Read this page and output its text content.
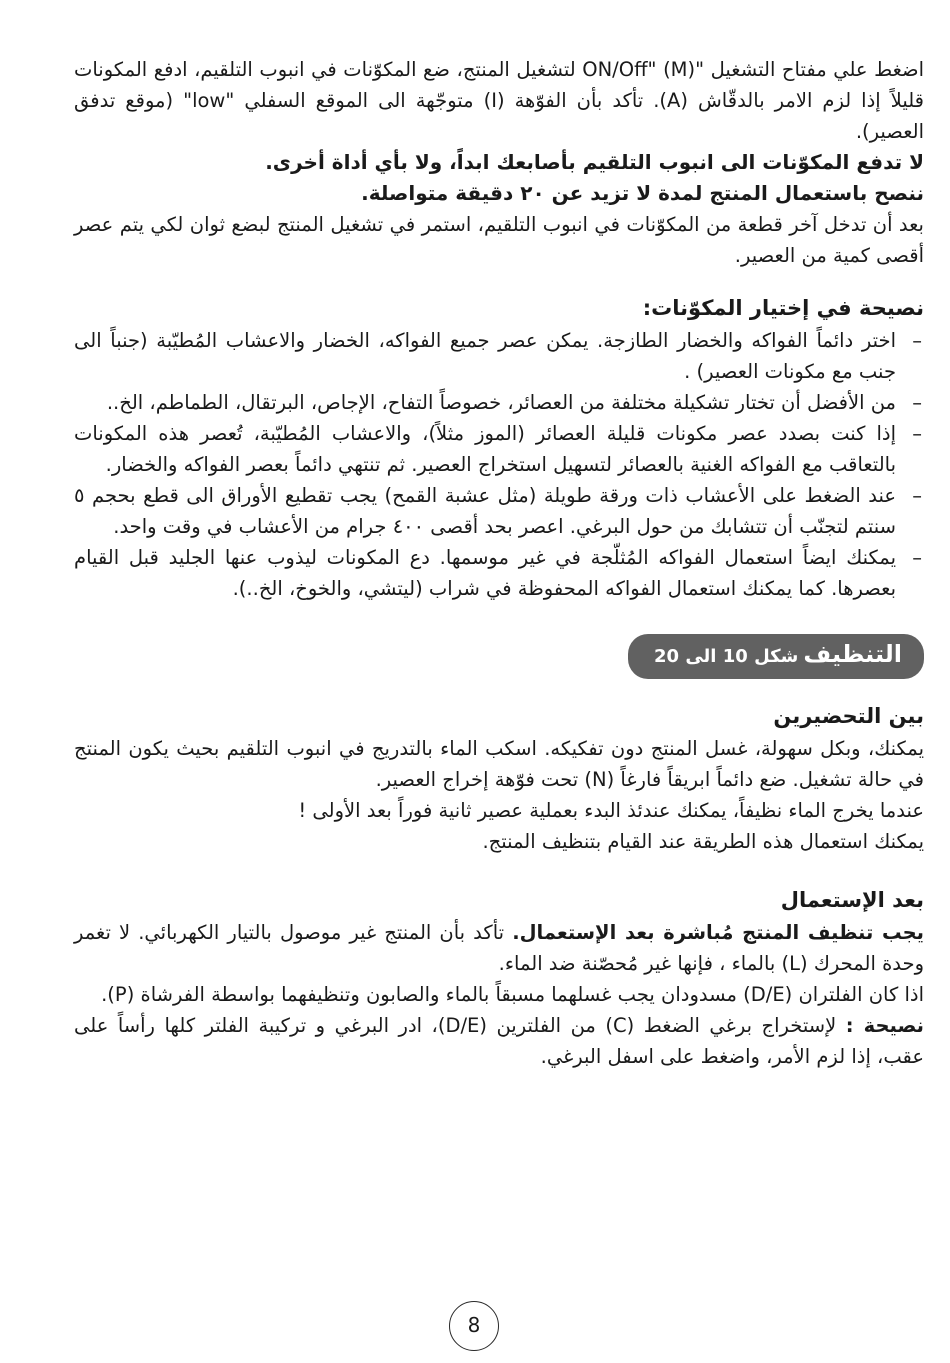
اضغط علي مفتاح التشغيل "ON/Off" (M) لتشغيل المنتج، ضع المكوّنات في انبوب التلقيم، ادفع المكونات قليلاً إذا لزم الامر بالدقّاش (A). تأكد بأن الفوّهة (I) متوجّهة الى الموقع السفلي "low" (موقع تدفق العصير).

لا تدفع المكوّنات الى انبوب التلقيم بأصابعك ابداً، ولا بأي أداة أخرى.

ننصح باستعمال المنتج لمدة لا تزيد عن ٢٠ دقيقة متواصلة.

بعد أن تدخل آخر قطعة من المكوّنات في انبوب التلقيم، استمر في تشغيل المنتج لبضع ثوان لكي يتم عصر أقصى كمية من العصير.

نصيحة في إختيار المكوّنات:

–
اختر دائماً الفواكه والخضار الطازجة. يمكن عصر جميع الفواكه، الخضار والاعشاب المُطيّبة (جنباً الى جنب مع مكونات العصير) .
–
من الأفضل أن تختار تشكيلة مختلفة من العصائر، خصوصاً التفاح، الإجاص، البرتقال، الطماطم، الخ..
–
إذا كنت بصدد عصر مكونات قليلة العصائر (الموز مثلاً)، والاعشاب المُطيّبة، تُعصر هذه المكونات بالتعاقب مع الفواكه الغنية بالعصائر لتسهيل استخراج العصير. ثم تنتهي دائماً بعصر الفواكه والخضار.
–
عند الضغط على الأعشاب ذات ورقة طويلة (مثل عشبة القمح) يجب تقطيع الأوراق الى قطع بحجم ٥ سنتم لتجنّب أن تتشابك من حول البرغي. اعصر بحد أقصى ٤٠٠ جرام من الأعشاب في وقت واحد.
–
يمكنك ايضاً استعمال الفواكه المُثلّجة في غير موسمها. دع المكونات ليذوب عنها الجليد قبل القيام بعصرها. كما يمكنك استعمال الفواكه المحفوظة في شراب (ليتشي، والخوخ، الخ..).
التنظيف شكل 10 الى 20

بين التحضيرين

يمكنك، وبكل سهولة، غسل المنتج دون تفكيكه. اسكب الماء بالتدريج في انبوب التلقيم بحيث يكون المنتج في حالة تشغيل. ضع دائماً ابريقاً فارغاً (N) تحت فوّهة إخراج العصير.

عندما يخرج الماء نظيفاً، يمكنك عندئذ البدء بعملية عصير ثانية فوراً بعد الأولى !

يمكنك استعمال هذه الطريقة عند القيام بتنظيف المنتج.

بعد الإستعمال

يجب تنظيف المنتج مُباشرة بعد الإستعمال. تأكد بأن المنتج غير موصول بالتيار الكهربائي. لا تغمر وحدة المحرك (L) بالماء ، فإنها غير مُحصّنة ضد الماء.

اذا كان الفلتران (D/E) مسدودان يجب غسلهما مسبقاً بالماء والصابون وتنظيفهما بواسطة الفرشاة (P).

نصيحة : لإستخراج برغي الضغط (C) من الفلترين (D/E)، ادر البرغي و تركيبة الفلتر كلها رأساً على عقب، إذا لزم الأمر، واضغط على اسفل البرغي.

8
